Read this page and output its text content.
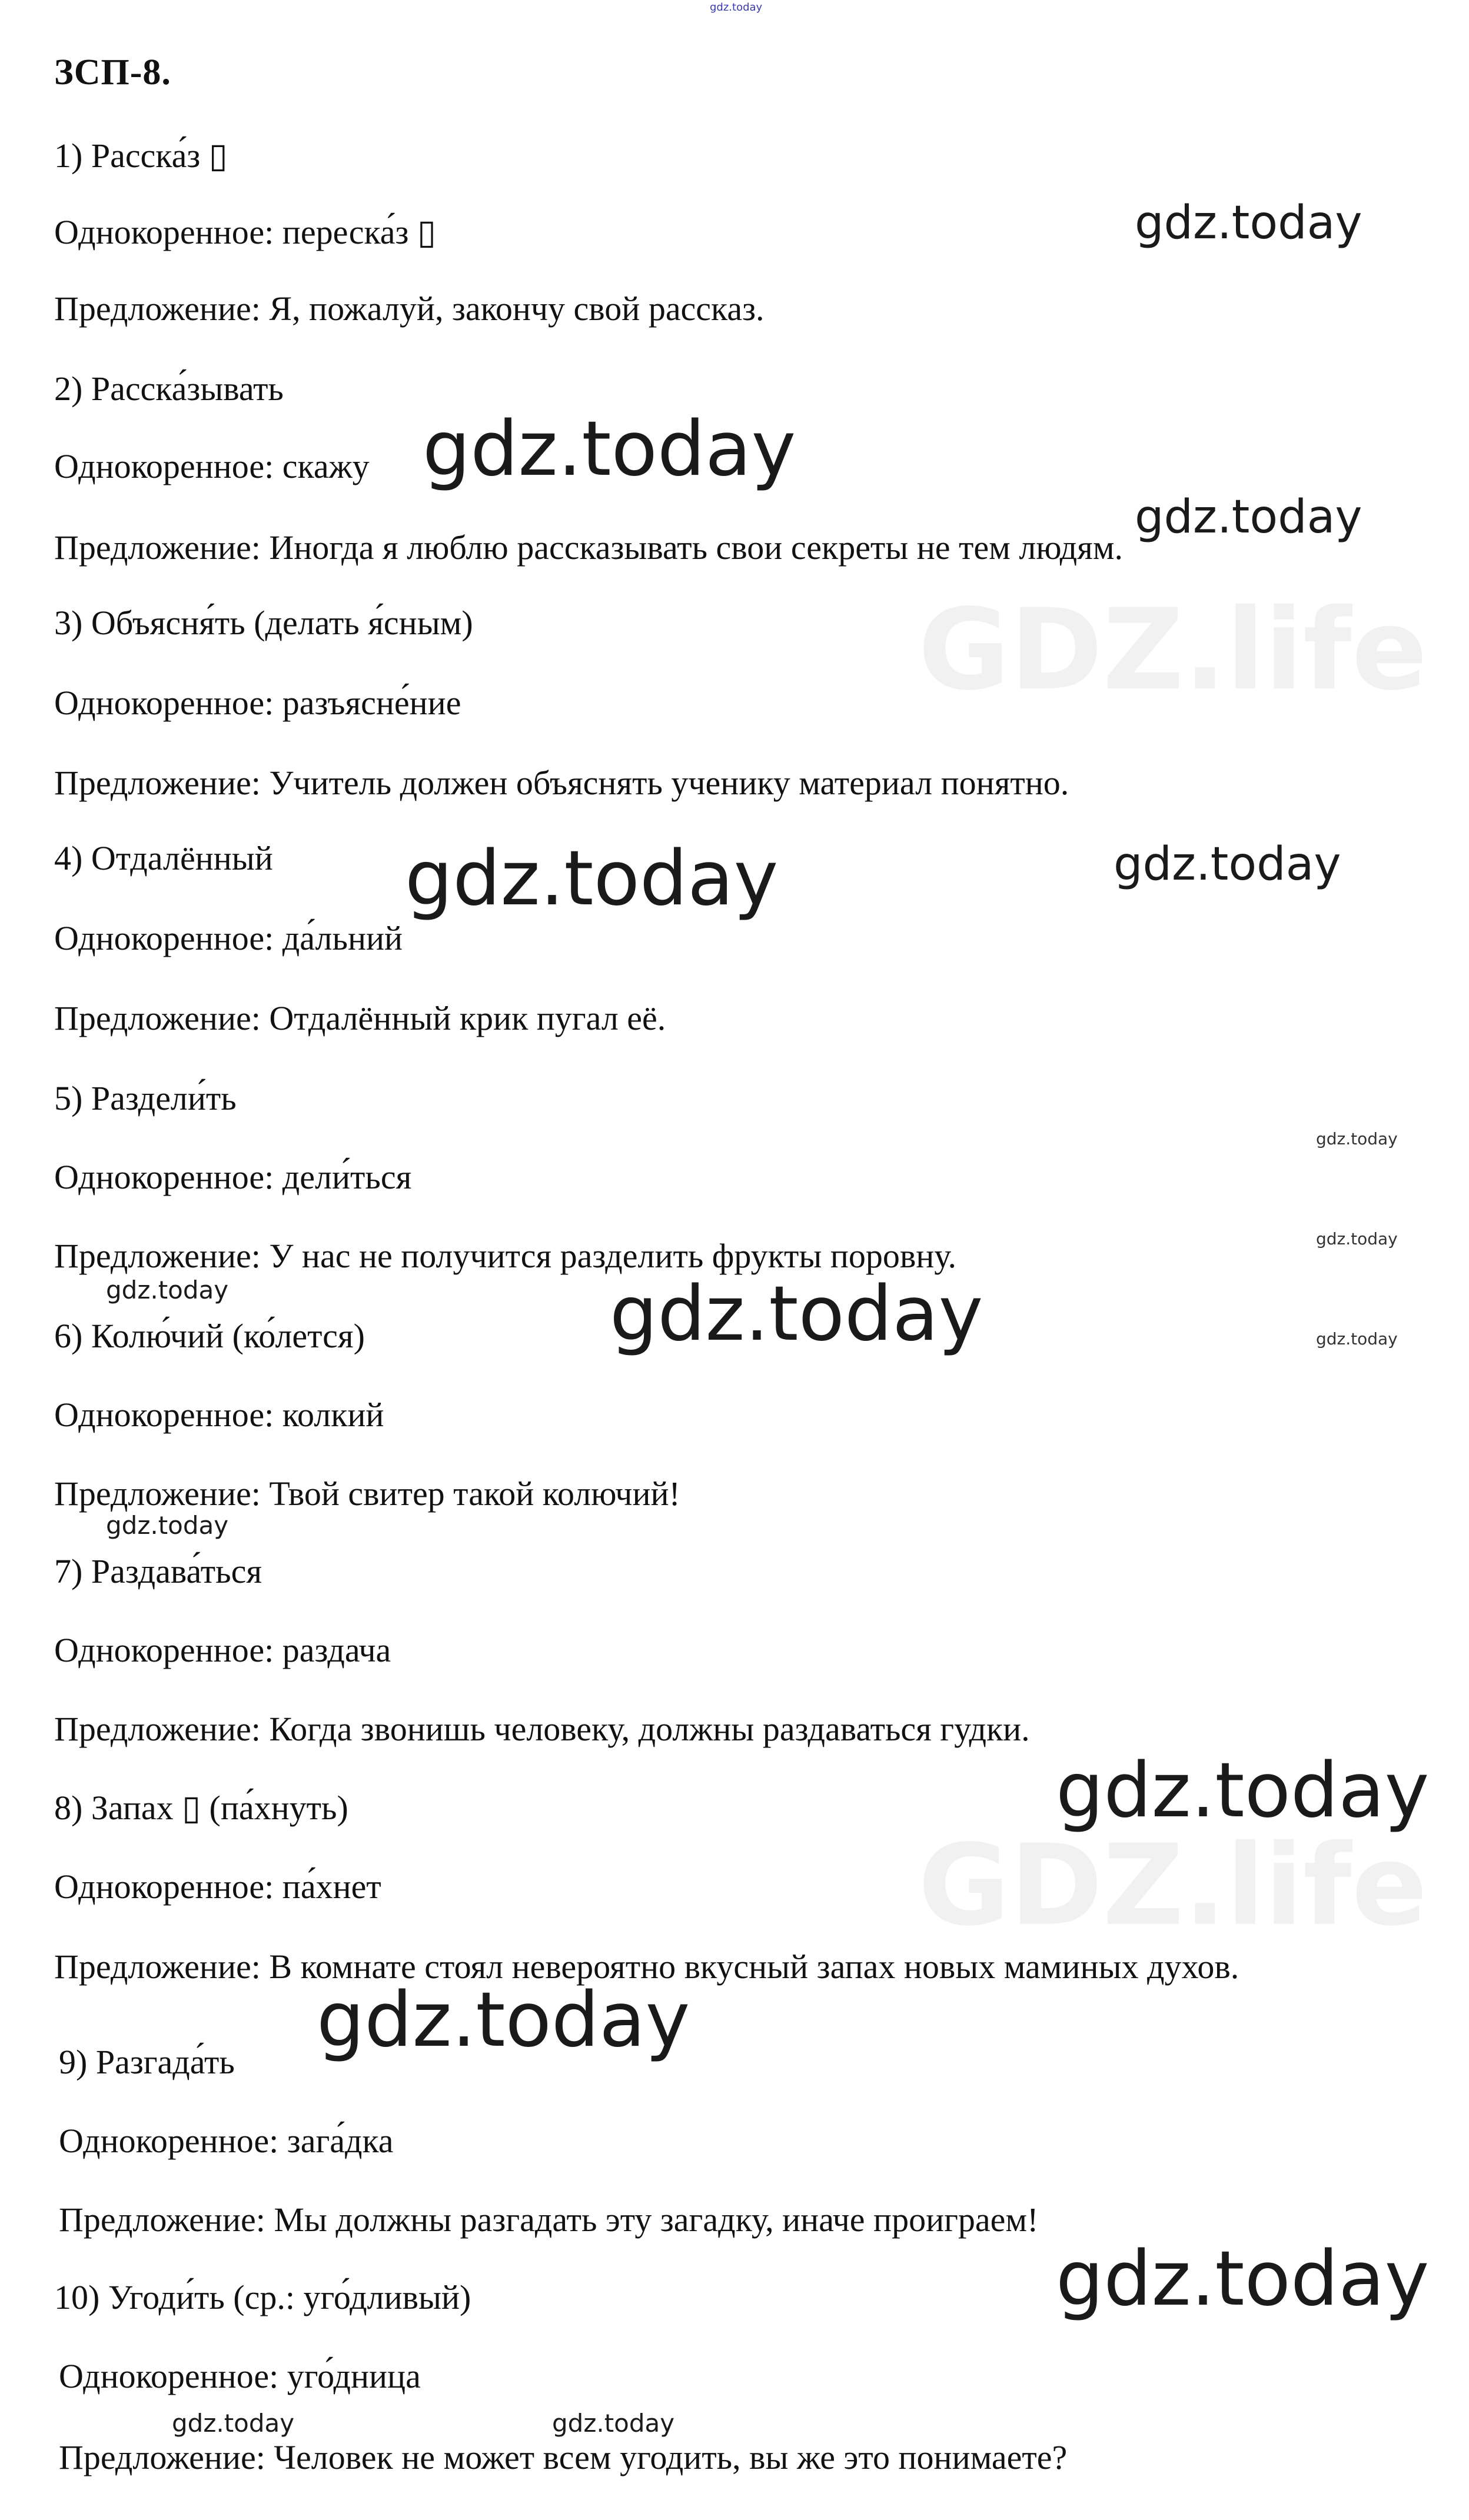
ЗСП-8.
1) Расска́з ▯
Однокоренное: переска́з ▯
Предложение: Я, пожалуй, закончу свой рассказ.
2) Расска́зывать
Однокоренное: скажу
Предложение: Иногда я люблю рассказывать свои секреты не тем людям.
3) Объясня́ть (делать я́сным)
Однокоренное: разъясне́ние
Предложение: Учитель должен объяснять ученику материал понятно.
4) Отдалённый
Однокоренное: да́льний
Предложение: Отдалённый крик пугал её.
5) Раздели́ть
Однокоренное: дели́ться
Предложение: У нас не получится разделить фрукты поровну.
6) Колю́чий (ко́лется)
Однокоренное: колкий
Предложение: Твой свитер такой колючий!
7) Раздава́ться
Однокоренное: раздача
Предложение: Когда звонишь человеку, должны раздаваться гудки.
8) Запах ▯ (па́хнуть)
Однокоренное: па́хнет
Предложение: В комнате стоял невероятно вкусный запах новых маминых духов.
9) Разгада́ть
Однокоренное: зага́дка
Предложение: Мы должны разгадать эту загадку, иначе проиграем!
10) Угоди́ть (ср.: уго́дливый)
Однокоренное: уго́дница
Предложение: Человек не может всем угодить, вы же это понимаете?
GDZ.life
GDZ.life
gdz.today
gdz.today
gdz.today
gdz.today
gdz.today	gdz.today
gdz.today
gdz.today
gdz.today	gdz.today	gdz.today
gdz.today
gdz.today
gdz.today
gdz.today
gdz.today	gdz.today
